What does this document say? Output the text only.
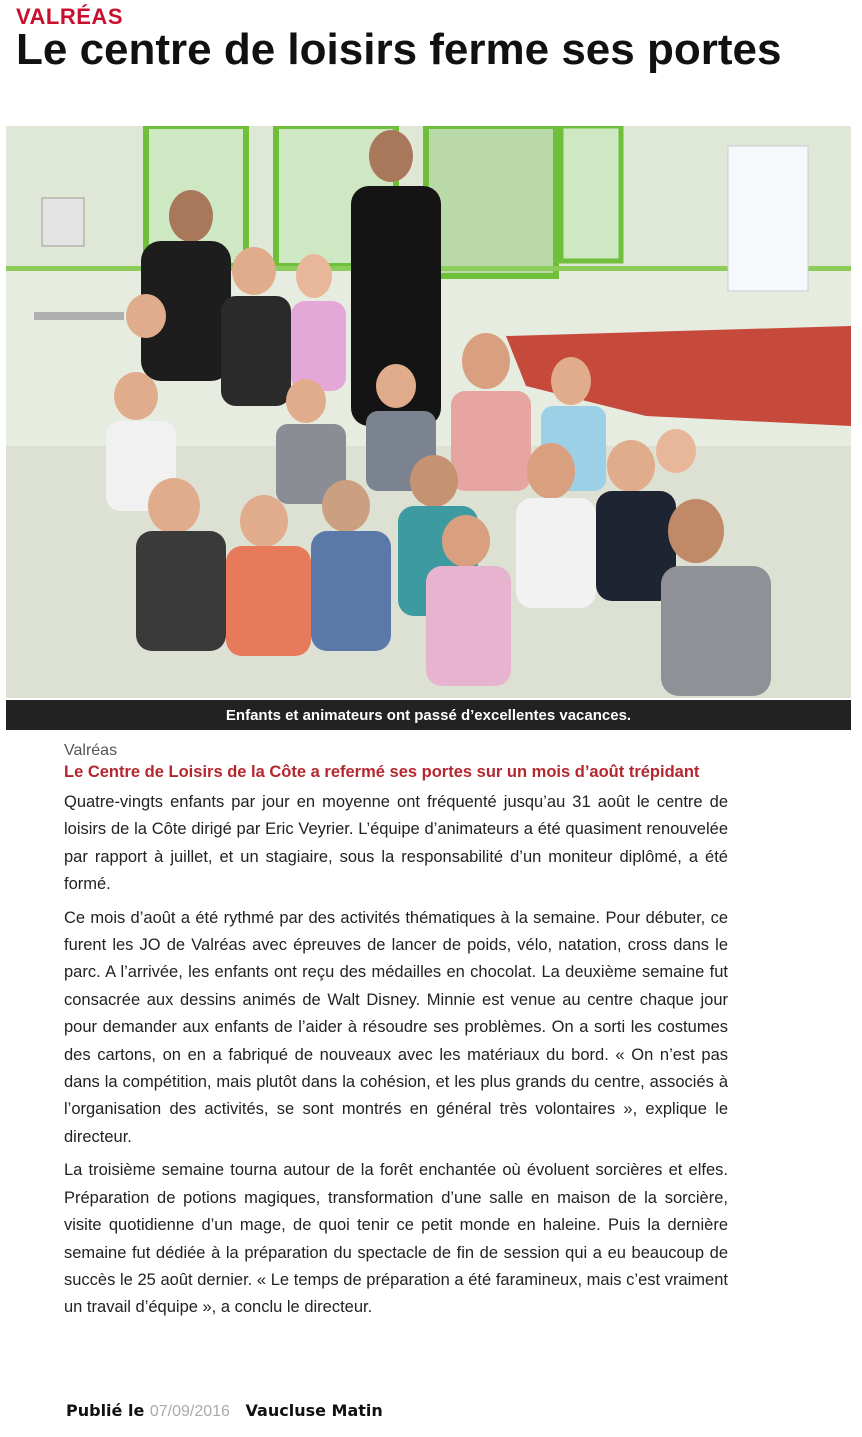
VALRÉAS
Le centre de loisirs ferme ses portes
Enfants et animateurs ont passé d’excellentes vacances.

Valréas

Le Centre de Loisirs de la Côte a refermé ses portes sur un mois d’août trépidant

Quatre-vingts enfants par jour en moyenne ont fréquenté jusqu’au 31 août le centre de loisirs de la Côte dirigé par Eric Veyrier. L’équipe d’animateurs a été quasiment renouvelée par rapport à juillet, et un stagiaire, sous la responsabilité d’un moniteur diplômé, a été formé.

Ce mois d’août a été rythmé par des activités thématiques à la semaine. Pour débuter, ce furent les JO de Valréas avec épreuves de lancer de poids, vélo, natation, cross dans le parc. A l’arrivée, les enfants ont reçu des médailles en chocolat. La deuxième semaine fut consacrée aux dessins animés de Walt Disney. Minnie est venue au centre chaque jour pour demander aux enfants de l’aider à résoudre ses problèmes. On a sorti les costumes des cartons, on en a fabriqué de nouveaux avec les matériaux du bord. « On n’est pas dans la compétition, mais plutôt dans la cohésion, et les plus grands du centre, associés à l’organisation des activités, se sont montrés en général très volontaires », explique le directeur.

La troisième semaine tourna autour de la forêt enchantée où évoluent sorcières et elfes. Préparation de potions magiques, transformation d’une salle en maison de la sorcière, visite quotidienne d’un mage, de quoi tenir ce petit monde en haleine. Puis la dernière semaine fut dédiée à la préparation du spectacle de fin de session qui a eu beaucoup de succès le 25 août dernier. « Le temps de préparation a été faramineux, mais c’est vraiment un travail d’équipe », a conclu le directeur.

Publié le 07/09/2016 Vaucluse Matin
